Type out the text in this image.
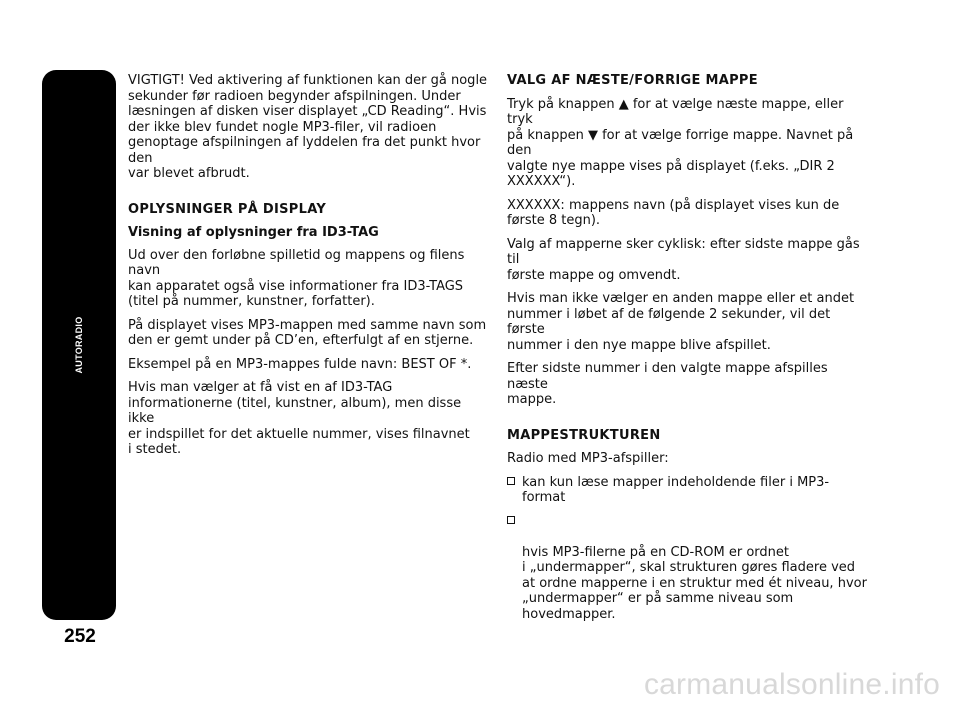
AUTORADIO
252

VIGTIGT! Ved aktivering af funktionen kan der gå nogle
sekunder før radioen begynder afspilningen. Under
læsningen af disken viser displayet „CD Reading“. Hvis
der ikke blev fundet nogle MP3-filer, vil radioen
genoptage afspilningen af lyddelen fra det punkt hvor den
var blevet afbrudt.

OPLYSNINGER PÅ DISPLAY
Visning af oplysninger fra ID3-TAG

Ud over den forløbne spilletid og mappens og filens navn
kan apparatet også vise informationer fra ID3-TAGS
(titel på nummer, kunstner, forfatter).

På displayet vises MP3-mappen med samme navn som
den er gemt under på CD’en, efterfulgt af en stjerne.

Eksempel på en MP3-mappes fulde navn: BEST OF *.

Hvis man vælger at få vist en af ID3-TAG
informationerne (titel, kunstner, album), men disse ikke
er indspillet for det aktuelle nummer, vises filnavnet
i stedet.

VALG AF NÆSTE/FORRIGE MAPPE

Tryk på knappen ▲ for at vælge næste mappe, eller tryk
på knappen ▼ for at vælge forrige mappe. Navnet på den
valgte nye mappe vises på displayet (f.eks. „DIR 2
XXXXXX“).

XXXXXX: mappens navn (på displayet vises kun de
første 8 tegn).

Valg af mapperne sker cyklisk: efter sidste mappe gås til
første mappe og omvendt.

Hvis man ikke vælger en anden mappe eller et andet
nummer i løbet af de følgende 2 sekunder, vil det første
nummer i den nye mappe blive afspillet.

Efter sidste nummer i den valgte mappe afspilles næste
mappe.

MAPPESTRUKTUREN

Radio med MP3-afspiller:

kan kun læse mapper indeholdende filer i MP3-format

hvis MP3-filerne på en CD-ROM er ordnet
i „undermapper“, skal strukturen gøres fladere ved
at ordne mapperne i en struktur med ét niveau, hvor
„undermapper“ er på samme niveau som
hovedmapper.

carmanualsonline.info
